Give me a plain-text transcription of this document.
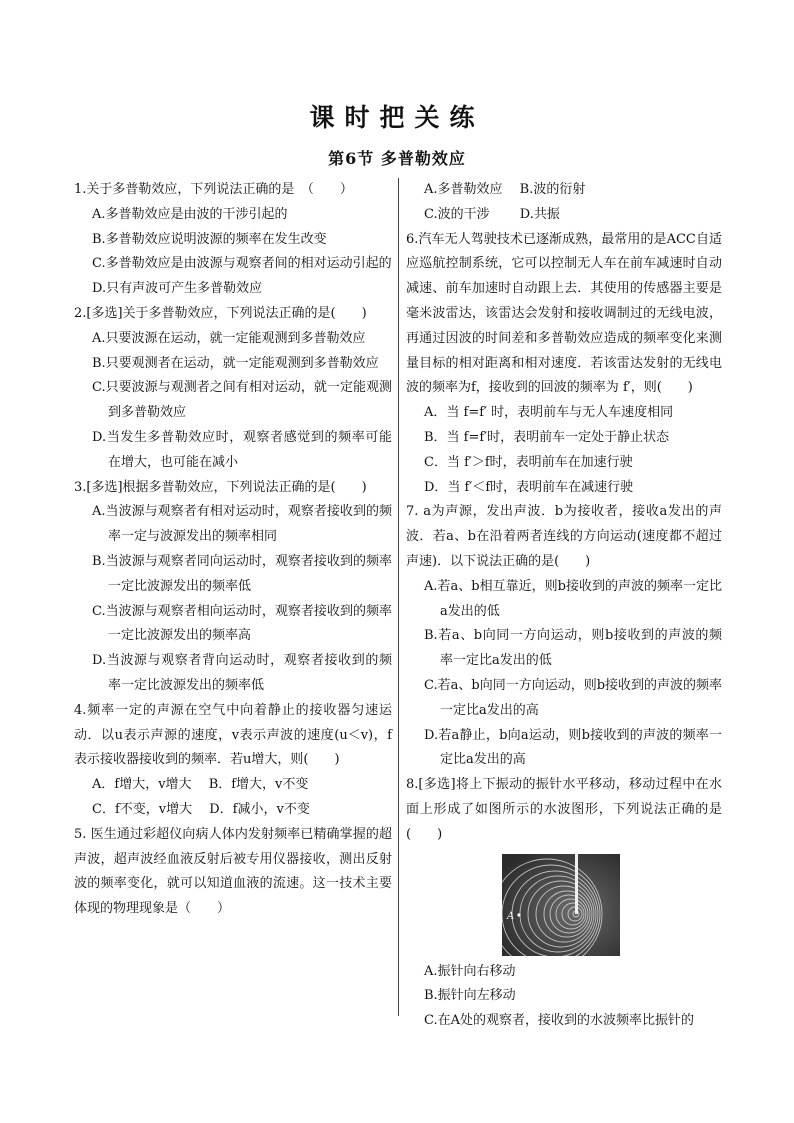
课时把关练
第6节 多普勒效应
1.关于多普勒效应，下列说法正确的是　（　　）
A.多普勒效应是由波的干涉引起的
B.多普勒效应说明波源的频率在发生改变
C.多普勒效应是由波源与观察者间的相对运动引起的
D.只有声波可产生多普勒效应
2.[多选]关于多普勒效应，下列说法正确的是(　　)
A.只要波源在运动，就一定能观测到多普勒效应
B.只要观测者在运动，就一定能观测到多普勒效应
C.只要波源与观测者之间有相对运动，就一定能观测到多普勒效应
D.当发生多普勒效应时，观察者感觉到的频率可能在增大，也可能在减小
3.[多选]根据多普勒效应，下列说法正确的是(　　)
A.当波源与观察者有相对运动时，观察者接收到的频率一定与波源发出的频率相同
B.当波源与观察者同向运动时，观察者接收到的频率一定比波源发出的频率低
C.当波源与观察者相向运动时，观察者接收到的频率一定比波源发出的频率高
D.当波源与观察者背向运动时，观察者接收到的频率一定比波源发出的频率低
4.频率一定的声源在空气中向着静止的接收器匀速运动．以u表示声源的速度，v表示声波的速度(u＜v)，f表示接收器接收到的频率．若u增大，则(　　)
A．f增大，v增大　 B．f增大，v不变
C．f不变，v增大　 D．f减小，v不变
5. 医生通过彩超仪向病人体内发射频率已精确掌握的超声波，超声波经血液反射后被专用仪器接收，测出反射波的频率变化，就可以知道血液的流速。这一技术主要体现的物理现象是（　　）
A.多普勒效应　 B.波的衍射
C.波的干涉　　 D.共振
6.汽车无人驾驶技术已逐渐成熟，最常用的是ACC自适应巡航控制系统，它可以控制无人车在前车减速时自动减速、前车加速时自动跟上去．其使用的传感器主要是毫米波雷达，该雷达会发射和接收调制过的无线电波，再通过因波的时间差和多普勒效应造成的频率变化来测量目标的相对距离和相对速度．若该雷达发射的无线电波的频率为f，接收到的回波的频率为 f′，则(　　)
A．当 f=f′ 时，表明前车与无人车速度相同
B．当 f=f′时，表明前车一定处于静止状态
C．当 f′＞f时，表明前车在加速行驶
D．当 f′＜f时，表明前车在减速行驶
7. a为声源，发出声波．b为接收者，接收a发出的声波．若a、b在沿着两者连线的方向运动(速度都不超过声速)．以下说法正确的是(　　)
A.若a、b相互靠近，则b接收到的声波的频率一定比a发出的低
B.若a、b向同一方向运动，则b接收到的声波的频率一定比a发出的低
C.若a、b向同一方向运动，则b接收到的声波的频率一定比a发出的高
D.若a静止，b向a运动，则b接收到的声波的频率一定比a发出的高
8.[多选]将上下振动的振针水平移动，移动过程中在水面上形成了如图所示的水波图形，下列说法正确的是(　　)
A
A.振针向右移动
B.振针向左移动
C.在A处的观察者，接收到的水波频率比振针的
